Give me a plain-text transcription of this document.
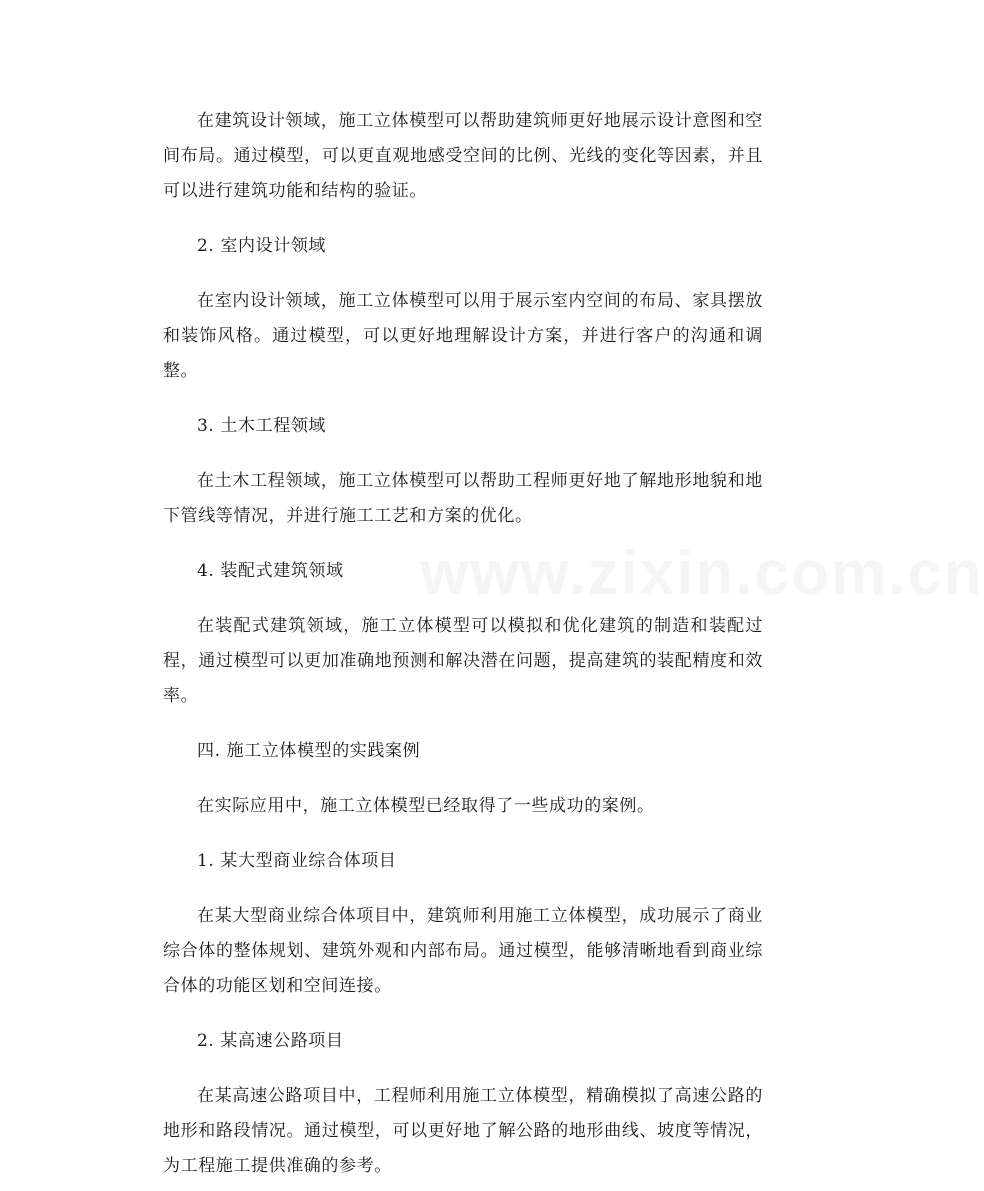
在建筑设计领域，施工立体模型可以帮助建筑师更好地展示设计意图和空间布局。通过模型，可以更直观地感受空间的比例、光线的变化等因素，并且可以进行建筑功能和结构的验证。

2. 室内设计领域

在室内设计领域，施工立体模型可以用于展示室内空间的布局、家具摆放和装饰风格。通过模型，可以更好地理解设计方案，并进行客户的沟通和调整。

3. 土木工程领域

在土木工程领域，施工立体模型可以帮助工程师更好地了解地形地貌和地下管线等情况，并进行施工工艺和方案的优化。

4. 装配式建筑领域

在装配式建筑领域，施工立体模型可以模拟和优化建筑的制造和装配过程，通过模型可以更加准确地预测和解决潜在问题，提高建筑的装配精度和效率。

四. 施工立体模型的实践案例

在实际应用中，施工立体模型已经取得了一些成功的案例。

1. 某大型商业综合体项目

在某大型商业综合体项目中，建筑师利用施工立体模型，成功展示了商业综合体的整体规划、建筑外观和内部布局。通过模型，能够清晰地看到商业综合体的功能区划和空间连接。

2. 某高速公路项目

在某高速公路项目中，工程师利用施工立体模型，精确模拟了高速公路的地形和路段情况。通过模型，可以更好地了解公路的地形曲线、坡度等情况，为工程施工提供准确的参考。

www.zixin.com.cn
